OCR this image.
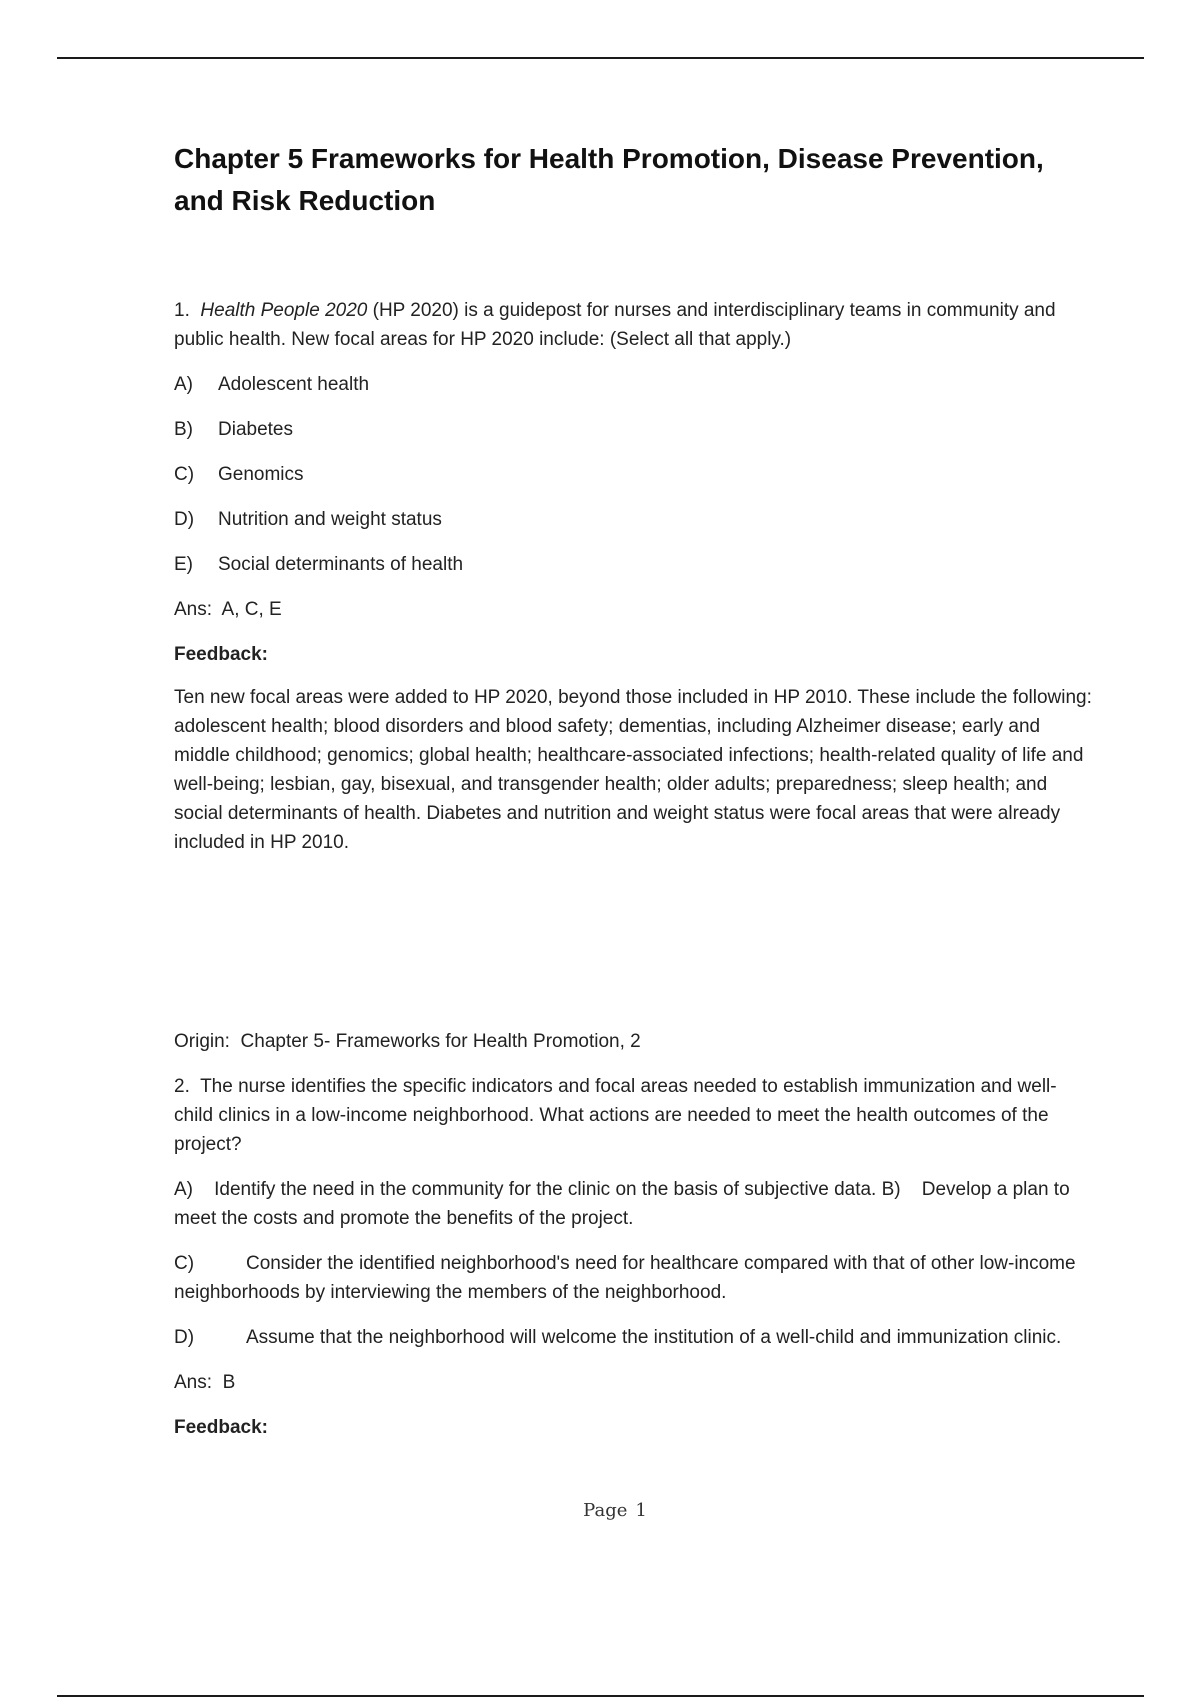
Chapter 5 Frameworks for Health Promotion, Disease Prevention, and Risk Reduction

1. Health People 2020 (HP 2020) is a guidepost for nurses and interdisciplinary teams in community and public health. New focal areas for HP 2020 include: (Select all that apply.)

A) Adolescent health
B) Diabetes
C) Genomics
D) Nutrition and weight status
E) Social determinants of health
Ans: A, C, E
Feedback:

Ten new focal areas were added to HP 2020, beyond those included in HP 2010. These include the following: adolescent health; blood disorders and blood safety; dementias, including Alzheimer disease; early and middle childhood; genomics; global health; healthcare-associated infections; health-related quality of life and well-being; lesbian, gay, bisexual, and transgender health; older adults; preparedness; sleep health; and social determinants of health. Diabetes and nutrition and weight status were focal areas that were already included in HP 2010.

Origin: Chapter 5- Frameworks for Health Promotion, 2

2. The nurse identifies the specific indicators and focal areas needed to establish immunization and well-child clinics in a low-income neighborhood. What actions are needed to meet the health outcomes of the project?

A) Identify the need in the community for the clinic on the basis of subjective data. B) Develop a plan to meet the costs and promote the benefits of the project.
C)	Consider the identified neighborhood's need for healthcare compared with that of other low-income neighborhoods by interviewing the members of the neighborhood.
D)	Assume that the neighborhood will welcome the institution of a well-child and immunization clinic.
Ans: B
Feedback:
Page 1
